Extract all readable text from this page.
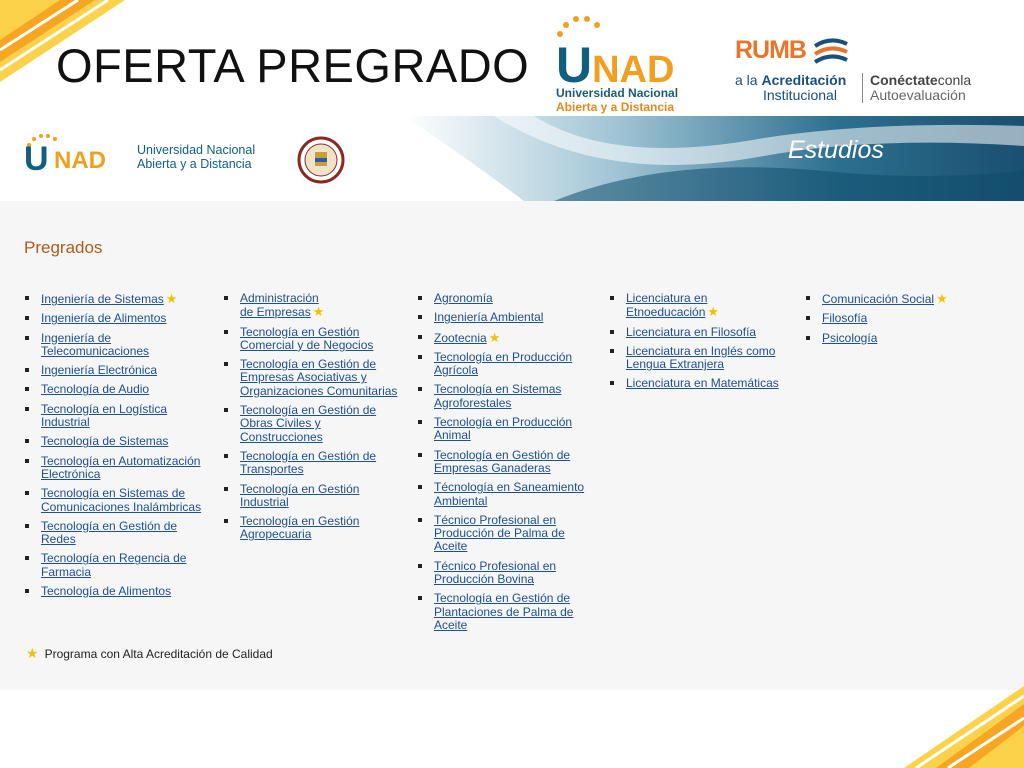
OFERTA PREGRADO UNAD
Universidad Nacional
Abierta y a Distancia
RUMB
a la Acreditación
Institucional
Conéctateconla
Autoevaluación
Estudios
U NAD Universidad Nacional
Abierta y a Distancia
Pregrados
Ingeniería de Sistemas ★
Ingeniería de Alimentos
Ingeniería de
Telecomunicaciones
Ingeniería Electrónica
Tecnología de Audio
Tecnología en Logística
Industrial
Tecnología de Sistemas
Tecnología en Automatización
Electrónica
Tecnología en Sistemas de
Comunicaciones Inalámbricas
Tecnología en Gestión de
Redes
Tecnología en Regencia de
Farmacia
Tecnología de Alimentos
Administración
de Empresas ★
Tecnología en Gestión
Comercial y de Negocios
Tecnología en Gestión de
Empresas Asociativas y
Organizaciones Comunitarias
Tecnología en Gestión de
Obras Civiles y
Construcciones
Tecnología en Gestión de
Transportes
Tecnología en Gestión
Industrial
Tecnología en Gestión
Agropecuaria
Agronomía
Ingeniería Ambiental
Zootecnia ★
Tecnología en Producción
Agrícola
Tecnología en Sistemas
Agroforestales
Tecnología en Producción
Animal
Tecnología en Gestión de
Empresas Ganaderas
Técnología en Saneamiento
Ambiental
Técnico Profesional en
Producción de Palma de
Aceite
Técnico Profesional en
Producción Bovina
Tecnología en Gestión de
Plantaciones de Palma de
Aceite
Licenciatura en
Etnoeducación ★
Licenciatura en Filosofía
Licenciatura en Inglés como
Lengua Extranjera
Licenciatura en Matemáticas
Comunicación Social ★
Filosofía
Psicología
★ Programa con Alta Acreditación de Calidad
